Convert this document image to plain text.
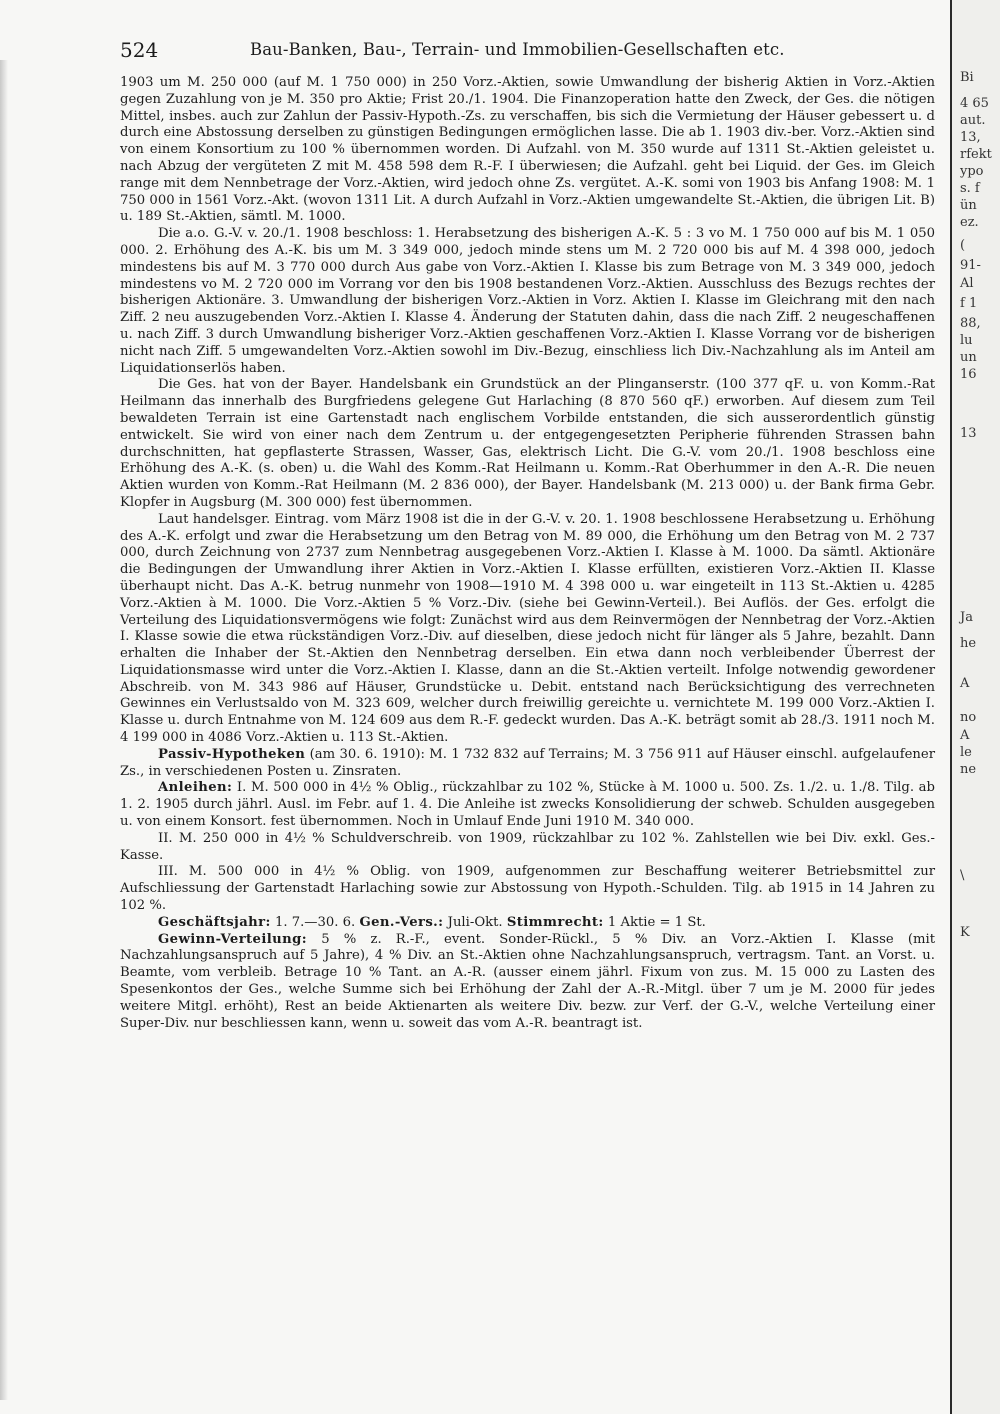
Bi
4 65
aut.
13,
rfekt
ypo
s. f
ün
ez.
(
91-
Al
f 1
88,
lu
un
16
13
Ja
he
A
no
A
le
ne
\
K
524	Bau-Banken, Bau-, Terrain- und Immobilien-Gesellschaften etc.

1903 um M. 250 000 (auf M. 1 750 000) in 250 Vorz.-Aktien, sowie Umwandlung der bisherig Aktien in Vorz.-Aktien gegen Zuzahlung von je M. 350 pro Aktie; Frist 20./1. 1904. Die Finanzoperation hatte den Zweck, der Ges. die nötigen Mittel, insbes. auch zur Zahlun der Passiv-Hypoth.-Zs. zu verschaffen, bis sich die Vermietung der Häuser gebessert u. d durch eine Abstossung derselben zu günstigen Bedingungen ermöglichen lasse. Die ab 1. 1903 div.-ber. Vorz.-Aktien sind von einem Konsortium zu 100 % übernommen worden. Di Aufzahl. von M. 350 wurde auf 1311 St.-Aktien geleistet u. nach Abzug der vergüteten Z mit M. 458 598 dem R.-F. I überwiesen; die Aufzahl. geht bei Liquid. der Ges. im Gleich range mit dem Nennbetrage der Vorz.-Aktien, wird jedoch ohne Zs. vergütet. A.-K. somi von 1903 bis Anfang 1908: M. 1 750 000 in 1561 Vorz.-Akt. (wovon 1311 Lit. A durch Aufzahl in Vorz.-Aktien umgewandelte St.-Aktien, die übrigen Lit. B) u. 189 St.-Aktien, sämtl. M. 1000.

Die a.o. G.-V. v. 20./1. 1908 beschloss: 1. Herabsetzung des bisherigen A.-K. 5 : 3 vo M. 1 750 000 auf bis M. 1 050 000. 2. Erhöhung des A.-K. bis um M. 3 349 000, jedoch minde stens um M. 2 720 000 bis auf M. 4 398 000, jedoch mindestens bis auf M. 3 770 000 durch Aus gabe von Vorz.-Aktien I. Klasse bis zum Betrage von M. 3 349 000, jedoch mindestens vo M. 2 720 000 im Vorrang vor den bis 1908 bestandenen Vorz.-Aktien. Ausschluss des Bezugs rechtes der bisherigen Aktionäre. 3. Umwandlung der bisherigen Vorz.-Aktien in Vorz. Aktien I. Klasse im Gleichrang mit den nach Ziff. 2 neu auszugebenden Vorz.-Aktien I. Klasse 4. Änderung der Statuten dahin, dass die nach Ziff. 2 neugeschaffenen u. nach Ziff. 3 durch Umwandlung bisheriger Vorz.-Aktien geschaffenen Vorz.-Aktien I. Klasse Vorrang vor de bisherigen nicht nach Ziff. 5 umgewandelten Vorz.-Aktien sowohl im Div.-Bezug, einschliess lich Div.-Nachzahlung als im Anteil am Liquidationserlös haben.

Die Ges. hat von der Bayer. Handelsbank ein Grundstück an der Plinganserstr. (100 377 qF. u. von Komm.-Rat Heilmann das innerhalb des Burgfriedens gelegene Gut Harlaching (8 870 560 qF.) erworben. Auf diesem zum Teil bewaldeten Terrain ist eine Gartenstadt nach englischem Vorbilde entstanden, die sich ausserordentlich günstig entwickelt. Sie wird von einer nach dem Zentrum u. der entgegengesetzten Peripherie führenden Strassen bahn durchschnitten, hat gepflasterte Strassen, Wasser, Gas, elektrisch Licht. Die G.-V. vom 20./1. 1908 beschloss eine Erhöhung des A.-K. (s. oben) u. die Wahl des Komm.-Rat Heilmann u. Komm.-Rat Oberhummer in den A.-R. Die neuen Aktien wurden von Komm.-Rat Heilmann (M. 2 836 000), der Bayer. Handelsbank (M. 213 000) u. der Bank firma Gebr. Klopfer in Augsburg (M. 300 000) fest übernommen.

Laut handelsger. Eintrag. vom März 1908 ist die in der G.-V. v. 20. 1. 1908 beschlossene Herabsetzung u. Erhöhung des A.-K. erfolgt und zwar die Herabsetzung um den Betrag von M. 89 000, die Erhöhung um den Betrag von M. 2 737 000, durch Zeichnung von 2737 zum Nennbetrag ausgegebenen Vorz.-Aktien I. Klasse à M. 1000. Da sämtl. Aktionäre die Bedingungen der Umwandlung ihrer Aktien in Vorz.-Aktien I. Klasse erfüllten, existieren Vorz.-Aktien II. Klasse überhaupt nicht. Das A.-K. betrug nunmehr von 1908—1910 M. 4 398 000 u. war eingeteilt in 113 St.-Aktien u. 4285 Vorz.-Aktien à M. 1000. Die Vorz.-Aktien 5 % Vorz.-Div. (siehe bei Gewinn-Verteil.). Bei Auflös. der Ges. erfolgt die Verteilung des Liquidationsvermögens wie folgt: Zunächst wird aus dem Reinvermögen der Nennbetrag der Vorz.-Aktien I. Klasse sowie die etwa rückständigen Vorz.-Div. auf dieselben, diese jedoch nicht für länger als 5 Jahre, bezahlt. Dann erhalten die Inhaber der St.-Aktien den Nennbetrag derselben. Ein etwa dann noch verbleibender Überrest der Liquidationsmasse wird unter die Vorz.-Aktien I. Klasse, dann an die St.-Aktien verteilt. Infolge notwendig gewordener Abschreib. von M. 343 986 auf Häuser, Grundstücke u. Debit. entstand nach Berücksichtigung des verrechneten Gewinnes ein Verlustsaldo von M. 323 609, welcher durch freiwillig gereichte u. vernichtete M. 199 000 Vorz.-Aktien I. Klasse u. durch Entnahme von M. 124 609 aus dem R.-F. gedeckt wurden. Das A.-K. beträgt somit ab 28./3. 1911 noch M. 4 199 000 in 4086 Vorz.-Aktien u. 113 St.-Aktien.

Passiv-Hypotheken (am 30. 6. 1910): M. 1 732 832 auf Terrains; M. 3 756 911 auf Häuser einschl. aufgelaufener Zs., in verschiedenen Posten u. Zinsraten.

Anleihen: I. M. 500 000 in 4½ % Oblig., rückzahlbar zu 102 %, Stücke à M. 1000 u. 500. Zs. 1./2. u. 1./8. Tilg. ab 1. 2. 1905 durch jährl. Ausl. im Febr. auf 1. 4. Die Anleihe ist zwecks Konsolidierung der schweb. Schulden ausgegeben u. von einem Konsort. fest übernommen. Noch in Umlauf Ende Juni 1910 M. 340 000.

II. M. 250 000 in 4½ % Schuldverschreib. von 1909, rückzahlbar zu 102 %. Zahlstellen wie bei Div. exkl. Ges.-Kasse.

III. M. 500 000 in 4½ % Oblig. von 1909, aufgenommen zur Beschaffung weiterer Betriebsmittel zur Aufschliessung der Gartenstadt Harlaching sowie zur Abstossung von Hypoth.-Schulden. Tilg. ab 1915 in 14 Jahren zu 102 %.

Geschäftsjahr: 1. 7.—30. 6. Gen.-Vers.: Juli-Okt. Stimmrecht: 1 Aktie = 1 St.

Gewinn-Verteilung: 5 % z. R.-F., event. Sonder-Rückl., 5 % Div. an Vorz.-Aktien I. Klasse (mit Nachzahlungsanspruch auf 5 Jahre), 4 % Div. an St.-Aktien ohne Nachzahlungsanspruch, vertragsm. Tant. an Vorst. u. Beamte, vom verbleib. Betrage 10 % Tant. an A.-R. (ausser einem jährl. Fixum von zus. M. 15 000 zu Lasten des Spesenkontos der Ges., welche Summe sich bei Erhöhung der Zahl der A.-R.-Mitgl. über 7 um je M. 2000 für jedes weitere Mitgl. erhöht), Rest an beide Aktienarten als weitere Div. bezw. zur Verf. der G.-V., welche Verteilung einer Super-Div. nur beschliessen kann, wenn u. soweit das vom A.-R. beantragt ist.
